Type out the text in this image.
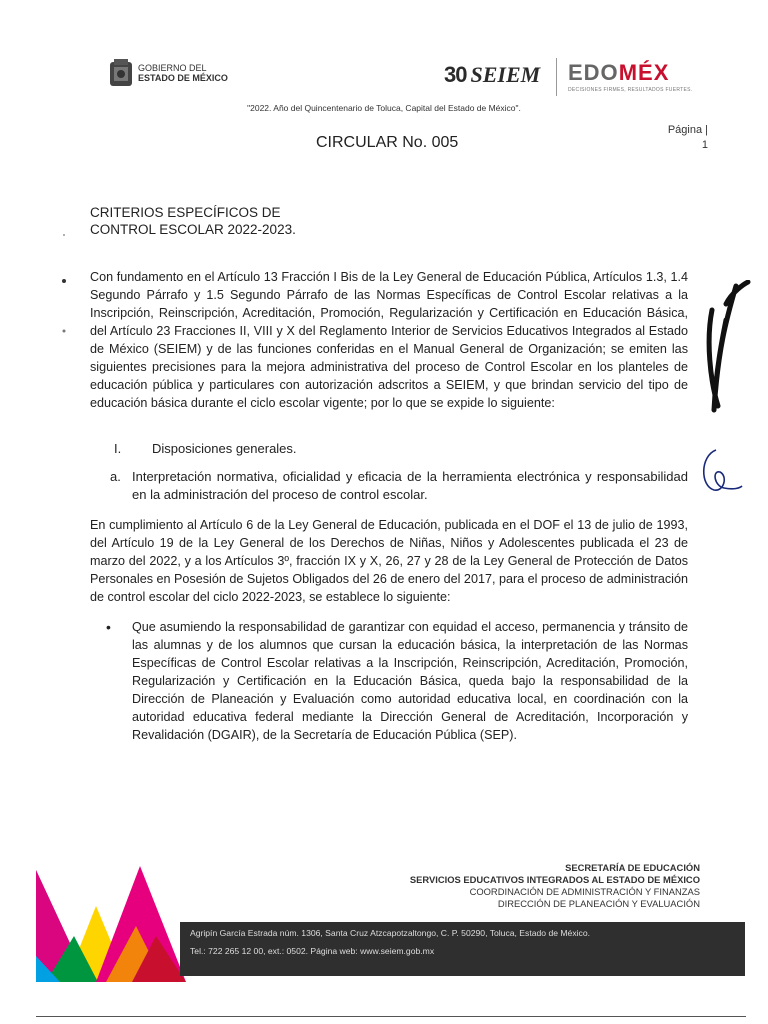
GOBIERNO DEL
ESTADO DE MÉXICO	30 SEIEM EDOMÉX
DECISIONES FIRMES, RESULTADOS FUERTES.
"2022. Año del Quincentenario de Toluca, Capital del Estado de México".
CIRCULAR No. 005
Página |
1
CRITERIOS ESPECÍFICOS DE
CONTROL ESCOLAR 2022-2023.

Con fundamento en el Artículo 13 Fracción I Bis de la Ley General de Educación Pública, Artículos 1.3, 1.4 Segundo Párrafo y 1.5 Segundo Párrafo de las Normas Específicas de Control Escolar relativas a la Inscripción, Reinscripción, Acreditación, Promoción, Regularización y Certificación en Educación Básica, del Artículo 23 Fracciones II, VIII y X del Reglamento Interior de Servicios Educativos Integrados al Estado de México (SEIEM) y de las funciones conferidas en el Manual General de Organización; se emiten las siguientes precisiones para la mejora administrativa del proceso de Control Escolar en los planteles de educación pública y particulares con autorización adscritos a SEIEM, y que brindan servicio del tipo de educación básica durante el ciclo escolar vigente; por lo que se expide lo siguiente:

I.	Disposiciones generales.
a. Interpretación normativa, oficialidad y eficacia de la herramienta electrónica y responsabilidad en la administración del proceso de control escolar.

En cumplimiento al Artículo 6 de la Ley General de Educación, publicada en el DOF el 13 de julio de 1993, del Artículo 19 de la Ley General de los Derechos de Niñas, Niños y Adolescentes publicada el 23 de marzo del 2022, y a los Artículos 3º, fracción IX y X, 26, 27 y 28 de la Ley General de Protección de Datos Personales en Posesión de Sujetos Obligados del 26 de enero del 2017, para el proceso de administración de control escolar del ciclo 2022-2023, se establece lo siguiente:

•	Que asumiendo la responsabilidad de garantizar con equidad el acceso, permanencia y tránsito de las alumnas y de los alumnos que cursan la educación básica, la interpretación de las Normas Específicas de Control Escolar relativas a la Inscripción, Reinscripción, Acreditación, Promoción, Regularización y Certificación en la Educación Básica, queda bajo la responsabilidad de la Dirección de Planeación y Evaluación como autoridad educativa local, en coordinación con la autoridad educativa federal mediante la Dirección General de Acreditación, Incorporación y Revalidación (DGAIR), de la Secretaría de Educación Pública (SEP).
SECRETARÍA DE EDUCACIÓN
SERVICIOS EDUCATIVOS INTEGRADOS AL ESTADO DE MÉXICO
COORDINACIÓN DE ADMINISTRACIÓN Y FINANZAS
DIRECCIÓN DE PLANEACIÓN Y EVALUACIÓN
Agripín García Estrada núm. 1306, Santa Cruz Atzcapotzaltongo, C. P. 50290, Toluca, Estado de México.
Tel.: 722 265 12 00, ext.: 0502. Página web: www.seiem.gob.mx
